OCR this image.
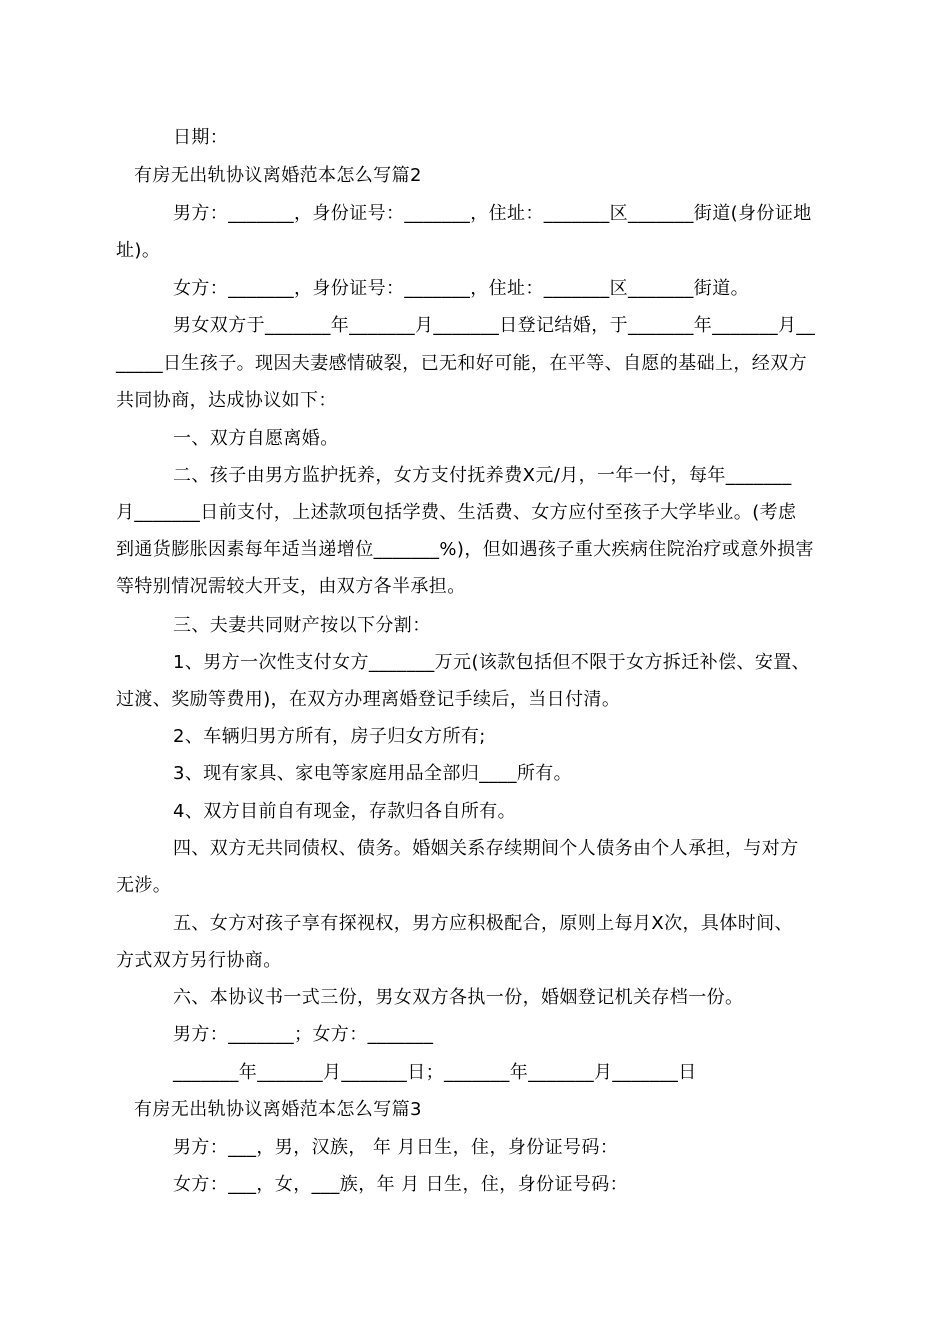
日期：
有房无出轨协议离婚范本怎么写篇2
男方：_______，身份证号：_______，住址：_______区_______街道(身份证地
址)。
女方：_______，身份证号：_______，住址：_______区_______街道。
男女双方于_______年_______月_______日登记结婚，于_______年_______月__
_____日生孩子。现因夫妻感情破裂，已无和好可能，在平等、自愿的基础上，经双方
共同协商，达成协议如下：
一、双方自愿离婚。
二、孩子由男方监护抚养，女方支付抚养费X元/月，一年一付，每年_______
月_______日前支付，上述款项包括学费、生活费、女方应付至孩子大学毕业。(考虑
到通货膨胀因素每年适当递增位_______%)，但如遇孩子重大疾病住院治疗或意外损害
等特别情况需较大开支，由双方各半承担。
三、夫妻共同财产按以下分割：
1、男方一次性支付女方_______万元(该款包括但不限于女方拆迁补偿、安置、
过渡、奖励等费用)，在双方办理离婚登记手续后，当日付清。
2、车辆归男方所有，房子归女方所有;
3、现有家具、家电等家庭用品全部归____所有。
4、双方目前自有现金，存款归各自所有。
四、双方无共同债权、债务。婚姻关系存续期间个人债务由个人承担，与对方
无涉。
五、女方对孩子享有探视权，男方应积极配合，原则上每月X次，具体时间、
方式双方另行协商。
六、本协议书一式三份，男女双方各执一份，婚姻登记机关存档一份。
男方：_______；女方：_______
_______年_______月_______日；_______年_______月_______日
有房无出轨协议离婚范本怎么写篇3
男方：___，男，汉族， 年 月日生，住，身份证号码：
女方：___，女，___族，年 月 日生，住，身份证号码：
